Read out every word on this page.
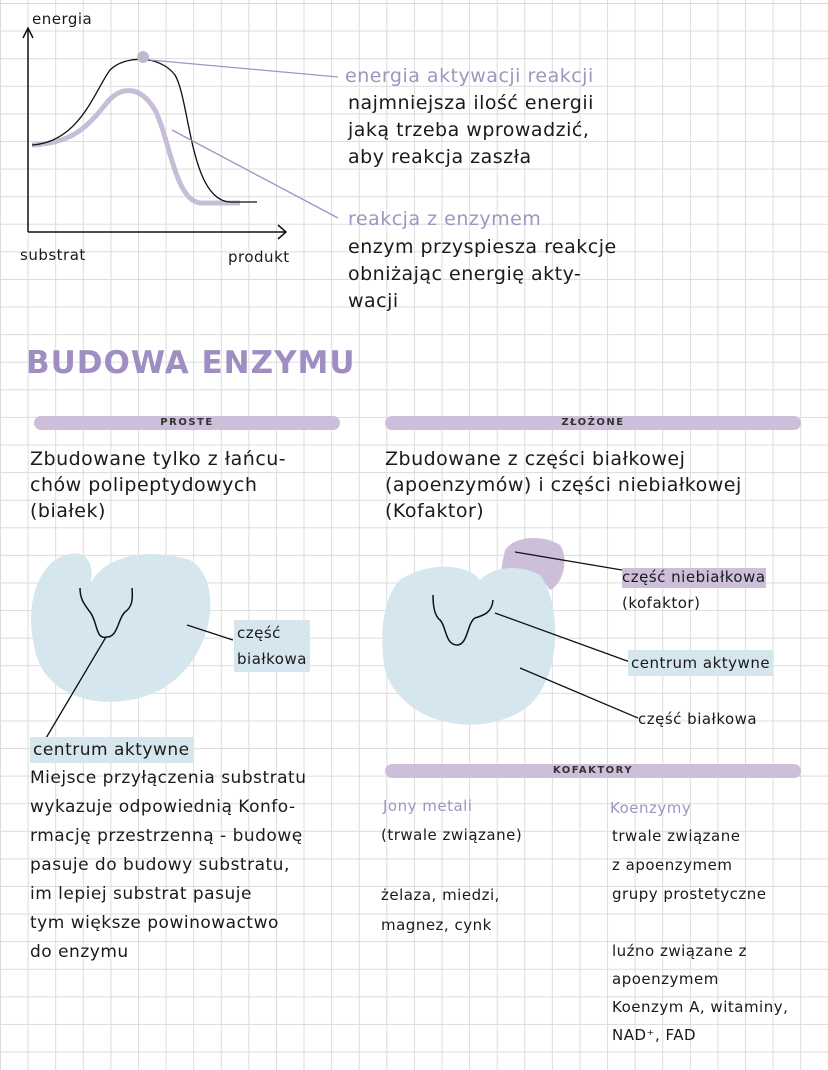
energia
substrat	produkt
energia aktywacji reakcji
najmniejsza ilość energii
jaką trzeba wprowadzić,
aby reakcja zaszła
reakcja z enzymem
enzym przyspiesza reakcje
obniżając energię akty-
wacji
BUDOWA ENZYMU
PROSTE	ZŁOŻONE
Zbudowane tylko z łańcu-
chów polipeptydowych
(białek)
Zbudowane z części białkowej
(apoenzymów) i części niebiałkowej
(Kofaktor)
część
białkowa
część niebiałkowa
(kofaktor)
centrum aktywne
część białkowa
centrum aktywne
Miejsce przyłączenia substratu
wykazuje odpowiednią Konfo-
rmację przestrzenną - budowę
pasuje do budowy substratu,
im lepiej substrat pasuje
tym większe powinowactwo
do enzymu
KOFAKTORY
Jony metali
(trwale związane)
żelaza, miedzi,
magnez, cynk
Koenzymy
trwale związane
z apoenzymem
grupy prostetyczne
luźno związane z
apoenzymem
Koenzym A, witaminy,
NAD⁺, FAD
